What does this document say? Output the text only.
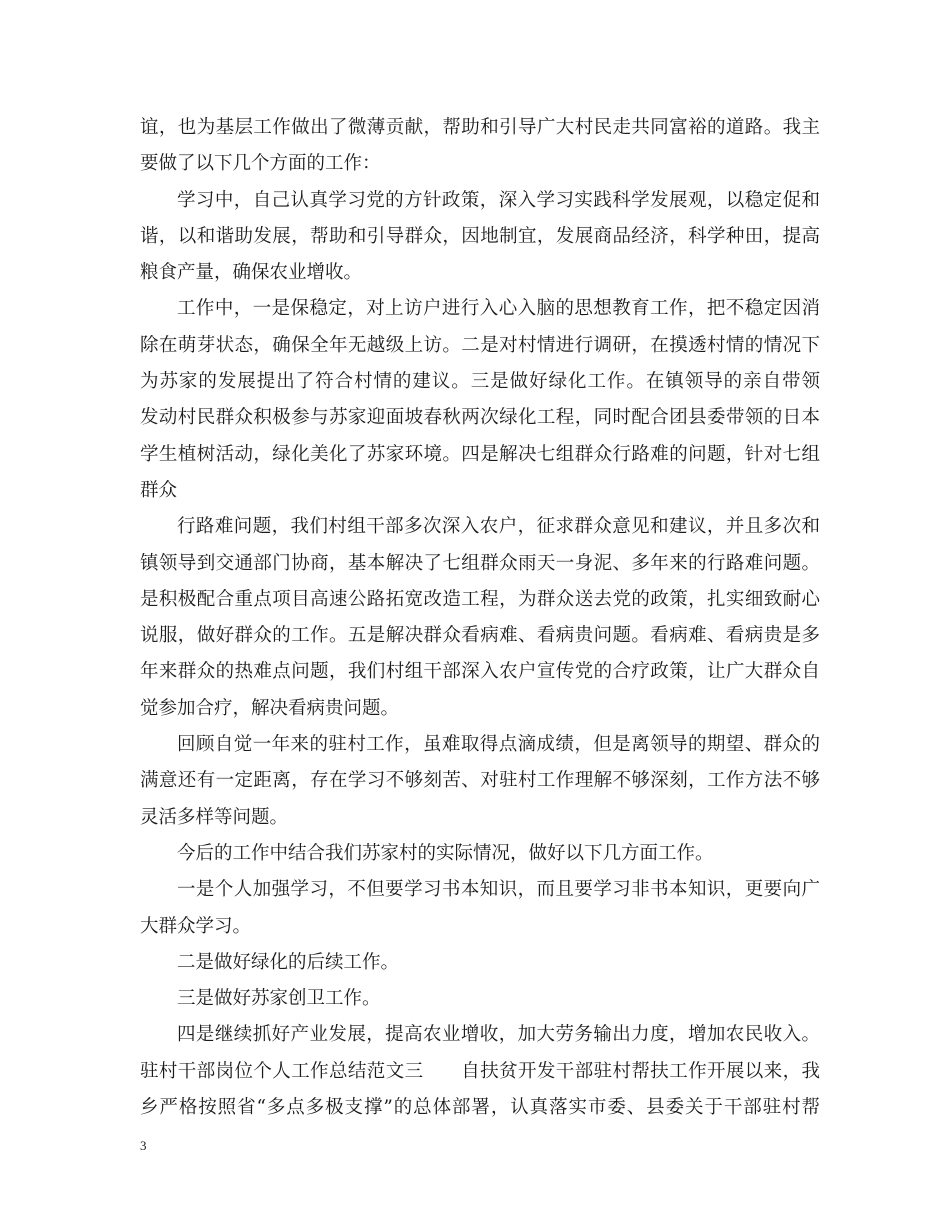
谊，也为基层工作做出了微薄贡献，帮助和引导广大村民走共同富裕的道路。我主
要做了以下几个方面的工作：
学习中，自己认真学习党的方针政策，深入学习实践科学发展观，以稳定促和
谐，以和谐助发展，帮助和引导群众，因地制宜，发展商品经济，科学种田，提高
粮食产量，确保农业增收。
工作中，一是保稳定，对上访户进行入心入脑的思想教育工作，把不稳定因消
除在萌芽状态，确保全年无越级上访。二是对村情进行调研，在摸透村情的情况下
为苏家的发展提出了符合村情的建议。三是做好绿化工作。在镇领导的亲自带领
发动村民群众积极参与苏家迎面坡春秋两次绿化工程，同时配合团县委带领的日本
学生植树活动，绿化美化了苏家环境。四是解决七组群众行路难的问题，针对七组
群众
行路难问题，我们村组干部多次深入农户，征求群众意见和建议，并且多次和
镇领导到交通部门协商，基本解决了七组群众雨天一身泥、多年来的行路难问题。
是积极配合重点项目高速公路拓宽改造工程，为群众送去党的政策，扎实细致耐心
说服，做好群众的工作。五是解决群众看病难、看病贵问题。看病难、看病贵是多
年来群众的热难点问题，我们村组干部深入农户宣传党的合疗政策，让广大群众自
觉参加合疗，解决看病贵问题。
回顾自觉一年来的驻村工作，虽难取得点滴成绩，但是离领导的期望、群众的
满意还有一定距离，存在学习不够刻苦、对驻村工作理解不够深刻，工作方法不够
灵活多样等问题。
今后的工作中结合我们苏家村的实际情况，做好以下几方面工作。
一是个人加强学习，不但要学习书本知识，而且要学习非书本知识，更要向广
大群众学习。
二是做好绿化的后续工作。
三是做好苏家创卫工作。
四是继续抓好产业发展，提高农业增收，加大劳务输出力度，增加农民收入。
驻村干部岗位个人工作总结范文三　　自扶贫开发干部驻村帮扶工作开展以来，我
乡严格按照省“多点多极支撑”的总体部署，认真落实市委、县委关于干部驻村帮
3
